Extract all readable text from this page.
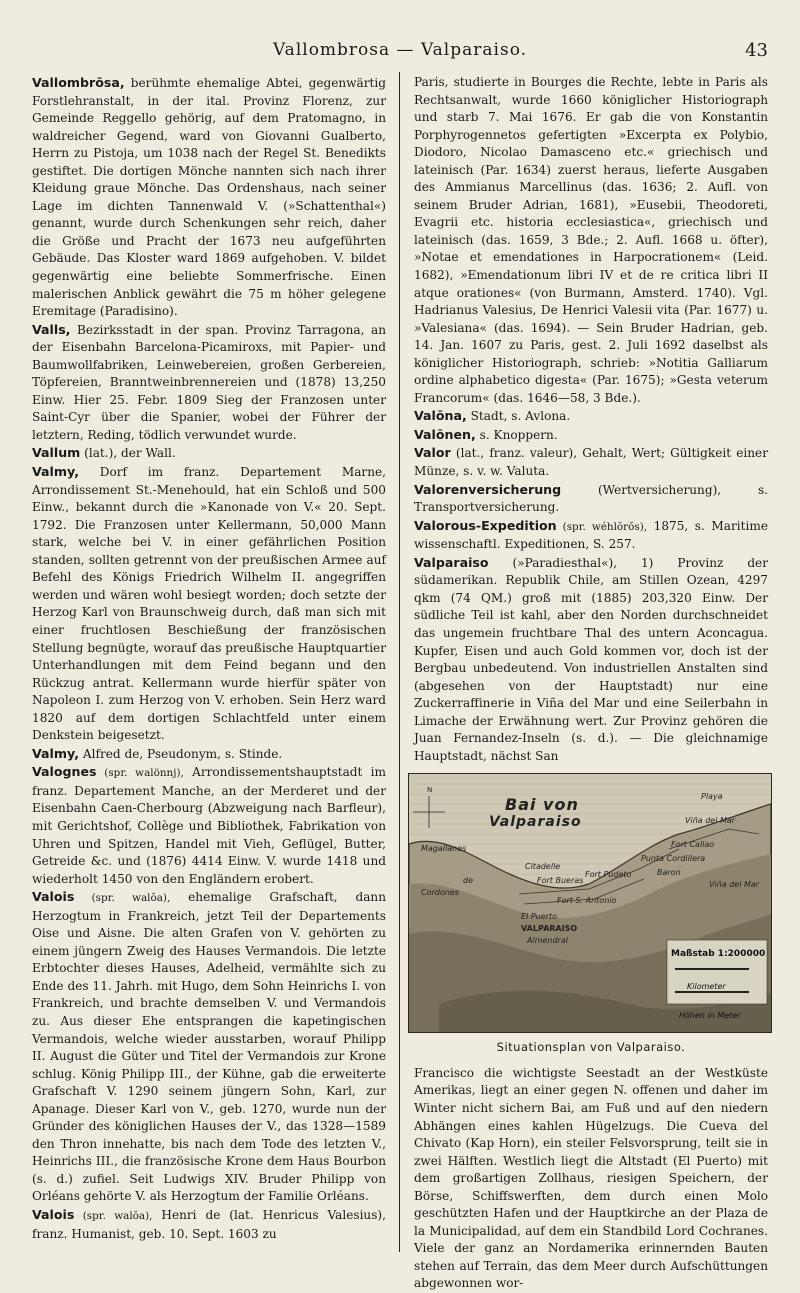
Vallombrosa — Valparaiso.	43

Vallombrōsa, berühmte ehemalige Abtei, gegenwärtig Forstlehranstalt, in der ital. Provinz Florenz, zur Gemeinde Reggello gehörig, auf dem Pratomagno, in waldreicher Gegend, ward von Giovanni Gualberto, Herrn zu Pistoja, um 1038 nach der Regel St. Benedikts gestiftet. Die dortigen Mönche nannten sich nach ihrer Kleidung graue Mönche. Das Ordenshaus, nach seiner Lage im dichten Tannenwald V. (»Schattenthal«) genannt, wurde durch Schenkungen sehr reich, daher die Größe und Pracht der 1673 neu aufgeführten Gebäude. Das Kloster ward 1869 aufgehoben. V. bildet gegenwärtig eine beliebte Sommerfrische. Einen malerischen Anblick gewährt die 75 m höher gelegene Eremitage (Paradisino).

Valls, Bezirksstadt in der span. Provinz Tarragona, an der Eisenbahn Barcelona-Picamiroxs, mit Papier- und Baumwollfabriken, Leinwebereien, großen Gerbereien, Töpfereien, Branntweinbrennereien und (1878) 13,250 Einw. Hier 25. Febr. 1809 Sieg der Franzosen unter Saint-Cyr über die Spanier, wobei der Führer der letztern, Reding, tödlich verwundet wurde.

Vallum (lat.), der Wall.

Valmy, Dorf im franz. Departement Marne, Arrondissement St.-Menehould, hat ein Schloß und 500 Einw., bekannt durch die »Kanonade von V.« 20. Sept. 1792. Die Franzosen unter Kellermann, 50,000 Mann stark, welche bei V. in einer gefährlichen Position standen, sollten getrennt von der preußischen Armee auf Befehl des Königs Friedrich Wilhelm II. angegriffen werden und wären wohl besiegt worden; doch setzte der Herzog Karl von Braunschweig durch, daß man sich mit einer fruchtlosen Beschießung der französischen Stellung begnügte, worauf das preußische Hauptquartier Unterhandlungen mit dem Feind begann und den Rückzug antrat. Kellermann wurde hierfür später von Napoleon I. zum Herzog von V. erhoben. Sein Herz ward 1820 auf dem dortigen Schlachtfeld unter einem Denkstein beigesetzt.

Valmy, Alfred de, Pseudonym, s. Stinde.

Valognes (spr. walönnj), Arrondissementshauptstadt im franz. Departement Manche, an der Merderet und der Eisenbahn Caen-Cherbourg (Abzweigung nach Barfleur), mit Gerichtshof, Collège und Bibliothek, Fabrikation von Uhren und Spitzen, Handel mit Vieh, Geflügel, Butter, Getreide &c. und (1876) 4414 Einw. V. wurde 1418 und wiederholt 1450 von den Engländern erobert.

Valois (spr. walŏa), ehemalige Grafschaft, dann Herzogtum in Frankreich, jetzt Teil der Departements Oise und Aisne. Die alten Grafen von V. gehörten zu einem jüngern Zweig des Hauses Vermandois. Die letzte Erbtochter dieses Hauses, Adelheid, vermählte sich zu Ende des 11. Jahrh. mit Hugo, dem Sohn Heinrichs I. von Frankreich, und brachte demselben V. und Vermandois zu. Aus dieser Ehe entsprangen die kapetingischen Vermandois, welche wieder ausstarben, worauf Philipp II. August die Güter und Titel der Vermandois zur Krone schlug. König Philipp III., der Kühne, gab die erweiterte Grafschaft V. 1290 seinem jüngern Sohn, Karl, zur Apanage. Dieser Karl von V., geb. 1270, wurde nun der Gründer des königlichen Hauses der V., das 1328—1589 den Thron innehatte, bis nach dem Tode des letzten V., Heinrichs III., die französische Krone dem Haus Bourbon (s. d.) zufiel. Seit Ludwigs XIV. Bruder Philipp von Orléans gehörte V. als Herzogtum der Familie Orléans.

Valois (spr. walŏa), Henri de (lat. Henricus Valesius), franz. Humanist, geb. 10. Sept. 1603 zu

Paris, studierte in Bourges die Rechte, lebte in Paris als Rechtsanwalt, wurde 1660 königlicher Historiograph und starb 7. Mai 1676. Er gab die von Konstantin Porphyrogennetos gefertigten »Excerpta ex Polybio, Diodoro, Nicolao Damasceno etc.« griechisch und lateinisch (Par. 1634) zuerst heraus, lieferte Ausgaben des Ammianus Marcellinus (das. 1636; 2. Aufl. von seinem Bruder Adrian, 1681), »Eusebii, Theodoreti, Evagrii etc. historia ecclesiastica«, griechisch und lateinisch (das. 1659, 3 Bde.; 2. Aufl. 1668 u. öfter), »Notae et emendationes in Harpocrationem« (Leid. 1682), »Emendationum libri IV et de re critica libri II atque orationes« (von Burmann, Amsterd. 1740). Vgl. Hadrianus Valesius, De Henrici Valesii vita (Par. 1677) u. »Valesiana« (das. 1694). — Sein Bruder Hadrian, geb. 14. Jan. 1607 zu Paris, gest. 2. Juli 1692 daselbst als königlicher Historiograph, schrieb: »Notitia Galliarum ordine alphabetico digesta« (Par. 1675); »Gesta veterum Francorum« (das. 1646—58, 3 Bde.).

Valōna, Stadt, s. Avlona.

Valōnen, s. Knoppern.

Valor (lat., franz. valeur), Gehalt, Wert; Gültigkeit einer Münze, s. v. w. Valuta.

Valorenversicherung (Wertversicherung), s. Transportversicherung.

Valorous-Expedition (spr. wéhlŏrŏs), 1875, s. Maritime wissenschaftl. Expeditionen, S. 257.

Valparaiso (»Paradiesthal«), 1) Provinz der südamerikan. Republik Chile, am Stillen Ozean, 4297 qkm (74 QM.) groß mit (1885) 203,320 Einw. Der südliche Teil ist kahl, aber den Norden durchschneidet das ungemein fruchtbare Thal des untern Aconcagua. Kupfer, Eisen und auch Gold kommen vor, doch ist der Bergbau unbedeutend. Von industriellen Anstalten sind (abgesehen von der Hauptstadt) nur eine Zuckerraffinerie in Viña del Mar und eine Seilerbahn in Limache der Erwähnung wert. Zur Provinz gehören die Juan Fernandez-Inseln (s. d.). — Die gleichnamige Hauptstadt, nächst San

N
Bai von
Valparaiso
Playa
Viña del Mar
Fort Callao
Punta Cordillera
Baron
Viña del Mar
Citadelle
Fort Bueras
Fort Pudeto
Fort S. Antonio
El Puerto
VALPARAISO
Almendral
Magallanes
Cordones
de
Maßstab 1:200000
Kilometer
Höhen in Meter
Situationsplan von Valparaiso.

Francisco die wichtigste Seestadt an der Westküste Amerikas, liegt an einer gegen N. offenen und daher im Winter nicht sichern Bai, am Fuß und auf den niedern Abhängen eines kahlen Hügelzugs. Die Cueva del Chivato (Kap Horn), ein steiler Felsvorsprung, teilt sie in zwei Hälften. Westlich liegt die Altstadt (El Puerto) mit dem großartigen Zollhaus, riesigen Speichern, der Börse, Schiffswerften, dem durch einen Molo geschützten Hafen und der Hauptkirche an der Plaza de la Municipalidad, auf dem ein Standbild Lord Cochranes. Viele der ganz an Nordamerika erinnernden Bauten stehen auf Terrain, das dem Meer durch Aufschüttungen abgewonnen wor-
